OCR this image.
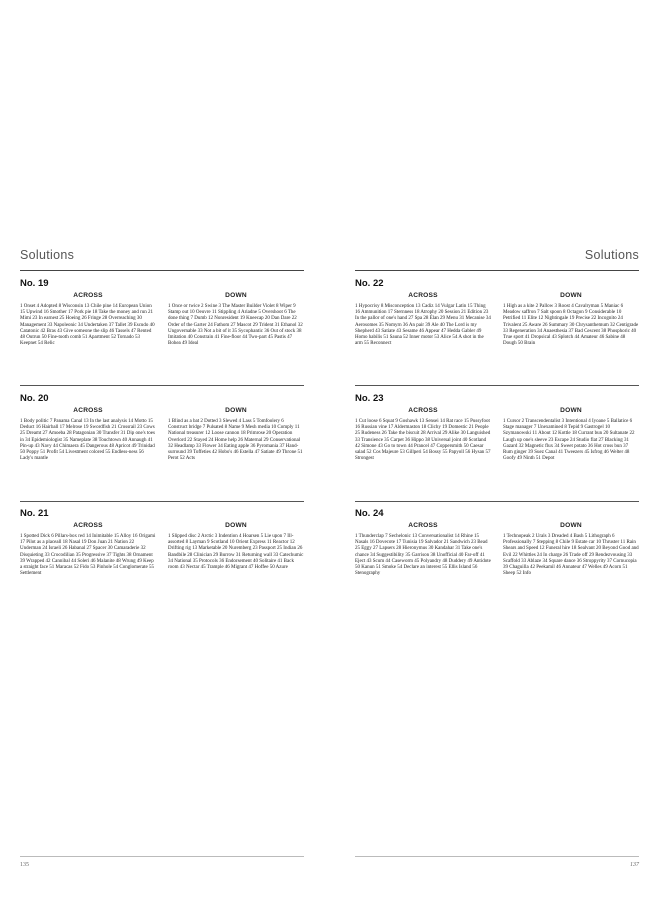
Solutions
No. 19
ACROSS
1 Onset 4 Adopted 8 Wisconsin 13 Chile pine 14 European Union 15 Upwind 16 Smother 17 Pork pie 18 Take the money and run 21 Mimi 23 In earnest 25 Hoeing 26 Fringe 28 Overreaching 30 Management 33 Napoleonic 34 Undertaken 37 Tallet 39 Escudo 40 Catatonic 42 Bras 43 Give someone the slip 46 Tassels 47 Rented 48 Outrun 50 Fine-tooth comb 51 Apartment 52 Tornado 53 Keepnet 54 Relic
DOWN
1 Once or twice 2 Swine 3 The Master Builder Violet 8 Wiper 9 Stamp out 10 Oeuvre 11 Stippling 4 Ariadne 5 Overshoot 6 The done thing 7 Dumb 12 Nonresident 19 Kneecap 20 Dan Dare 22 Order of the Garter 24 Fathom 27 Mascot 29 Trident 31 Ethanol 32 Ungovernable 33 Not a bit of it 35 Sycophantic 36 Out of stock 38 Imitation 40 Constrain 41 Fine-floor 44 Two-part 45 Pastis 47 Bohea 49 Ideal
No. 20
ACROSS
1 Body politic 7 Panama Canal 13 In the last analysis 14 Motto 15 Deduct 16 Hairball 17 Melrose 19 Swordfish 21 Crossrail 23 Cows 25 Dreamt 27 Amoeba 28 Patagonian 30 Transfer 31 Dip one's toes in 34 Epidemiologist 35 Nameplate 38 Touchtown 40 Annaugh 41 Pin-up 43 Navy 44 Chimaera 45 Dangerous 48 Apricot 49 Trinidad 50 Poppy 51 Profit 54 Livestment colored 55 Endless-ness 56 Lady's mantle
DOWN
1 Blind as a bat 2 Dotted 3 Slewed 4 Lass 5 Tomfoolery 6 Construct bridge 7 Pulsated 8 Name 9 Mesh media 10 Comply 11 National treasurer 12 Loose cannon 18 Primrose 20 Operation Overlord 22 Stayed 24 Home help 26 Maternal 29 Conservational 32 Headlamp 33 Flower 34 Eating apple 36 Pyromania 37 Hand-surround 39 Toffeties 42 Hobo's 46 Estella 47 Satiate 49 Throne 51 Perot 52 Acts
No. 21
ACROSS
1 Spotted Dick 6 Pillars-box red 14 Inimitable 15 Alloy 16 Origami 17 Pilot as a placeall 18 Nasal 19 Don Juan 21 Nation 22 Underman 24 Israeli 26 Habanal 27 Spacer 30 Camaraderie 32 Disquieting 33 Crocodilian 35 Progressive 37 Tights 38 Ornament 39 Wrapped 42 Cannibal 44 Soleri 46 Malanite 48 Wrung 49 Keep a straight face 51 Maracas 52 Fido 53 Pinhole 54 Conglomerate 55 Settlement
DOWN
1 Slipped disc 2 Arctic 3 Indention 4 Hoarsen 5 Lie upon 7 Ill-assorted 8 Layman 9 Scotland 10 Orient Express 11 Reactor 12 Drifting rig 13 Marketable 20 Nuremberg 23 Passport 25 Indian 26 Bandbile 28 Clinician 29 Burrow 31 Returning wall 33 Catechumic 34 National 35 Protocols 36 Endorsement 40 Solitaire 41 Back room 43 Nectar 45 Trample 46 Migrant 47 Hoffee 50 Azure
135
Solutions
No. 22
ACROSS
1 Hypocrisy 8 Misconception 13 Cadiz 14 Vulgar Latin 15 Thing 16 Ammunition 17 Sternness 18 Atrophy 20 Session 21 Edition 23 In the pallor of one's hand 27 Spa 28 Élan 29 Menu 31 Mecanise 34 Aerosomes 35 Nomyrn 36 An pair 39 Ale 40 The Lord is my Shepherd 43 Satiate 43 Sesame 46 Appear 47 Hedda Gabler 49 Homo habilis 51 Sauna 52 Inner motor 53 Alice 54 A shot in the arm 55 Reconnect
DOWN
1 High as a kite 2 Pallow 3 Roost 4 Cavalryman 5 Maniac 6 Meadow saffron 7 Salt spoon 8 Octagon 9 Considerable 10 Petrified 11 Elite 12 Nightingale 19 Precise 22 Incognito 24 Trivalent 25 Aware 26 Summary 30 Chrysanthemum 32 Centigrade 33 Regeneration 34 Anaesthesia 37 Bad Cescent 38 Phosphoric 40 True sport 41 Dropsical 43 Splotch 44 Amateur 46 Sabine 48 Dough 50 Brain
No. 23
ACROSS
1 Cut loose 6 Squat 9 Goshawk 13 Sensei 14 Rat race 15 Pussyfoot 16 Russian vine 17 Aldermaston 18 Clichy 19 Domestic 21 People 25 Rudeness 26 Take the biscuit 28 Arrival 29 Alike 30 Languished 33 Transience 35 Carpet 36 Hippo 38 Universal joint 40 Scotland 42 Simone 43 Go to town 44 Prancel 47 Coppersmith 50 Caesar salad 52 Cos Majeure 53 Gillperi 54 Bossy 55 Papyoll 56 Hysan 57 Strongest
DOWN
1 Cursor 2 Transcendentalist 3 Intentional 4 Iyoane 5 Ballatice 6 Stage manager 7 Unexamined 8 Tepid 9 Gastrogel 10 Szymanowski 11 About 12 Kottle 18 Currant bun 20 Sultanate 22 Laugh up one's sleeve 23 Escape 24 Studio flat 27 Blacking 31 Gazard 32 Magnetic flux 34 Sweet potato 36 Hot cross bun 37 Rum ginger 39 Suez Canal 41 Tweezers 45 Isfrog 46 Welter 48 Goofy 49 Ninth 51 Depot
No. 24
ACROSS
1 Thunderclap 7 Sechelonic 13 Conversationalist 14 Rhine 15 Nasals 16 Dovecote 17 Tunisia 19 Salvador 21 Sandwich 23 Bead 25 Eggy 27 Lapsers 28 Hieronymus 30 Kandahar 31 Take one's chance 34 Suggestibility 35 Garrison 38 Unofficial 40 Far-off 41 Eject 43 Scum 44 Caseworm 45 Polyandry 48 Duddery 49 Antidote 50 Kanun 51 Smoke 54 Declare an interest 55 Ellis Island 56 Stenography
DOWN
1 Technopeak 2 Urals 3 Dreaded 4 Bash 5 Lithograph 6 Professionally 7 Stepping 8 Chile 9 Estate car 10 Thruster 11 Rain Shears and Speed 12 Funeral hire 18 Sealvant 20 Beyond Good and Evil 22 Whittles 24 In charge 26 Trade off 29 Rendezvousing 33 Scaffold 33 Ablaze 34 Square dance 36 Stroppyrity 37 Cornucopia 39 Chaguilla 42 Peekamil 46 Annateur 47 Welles 49 Acorn 51 Sheep 52 Info
137
